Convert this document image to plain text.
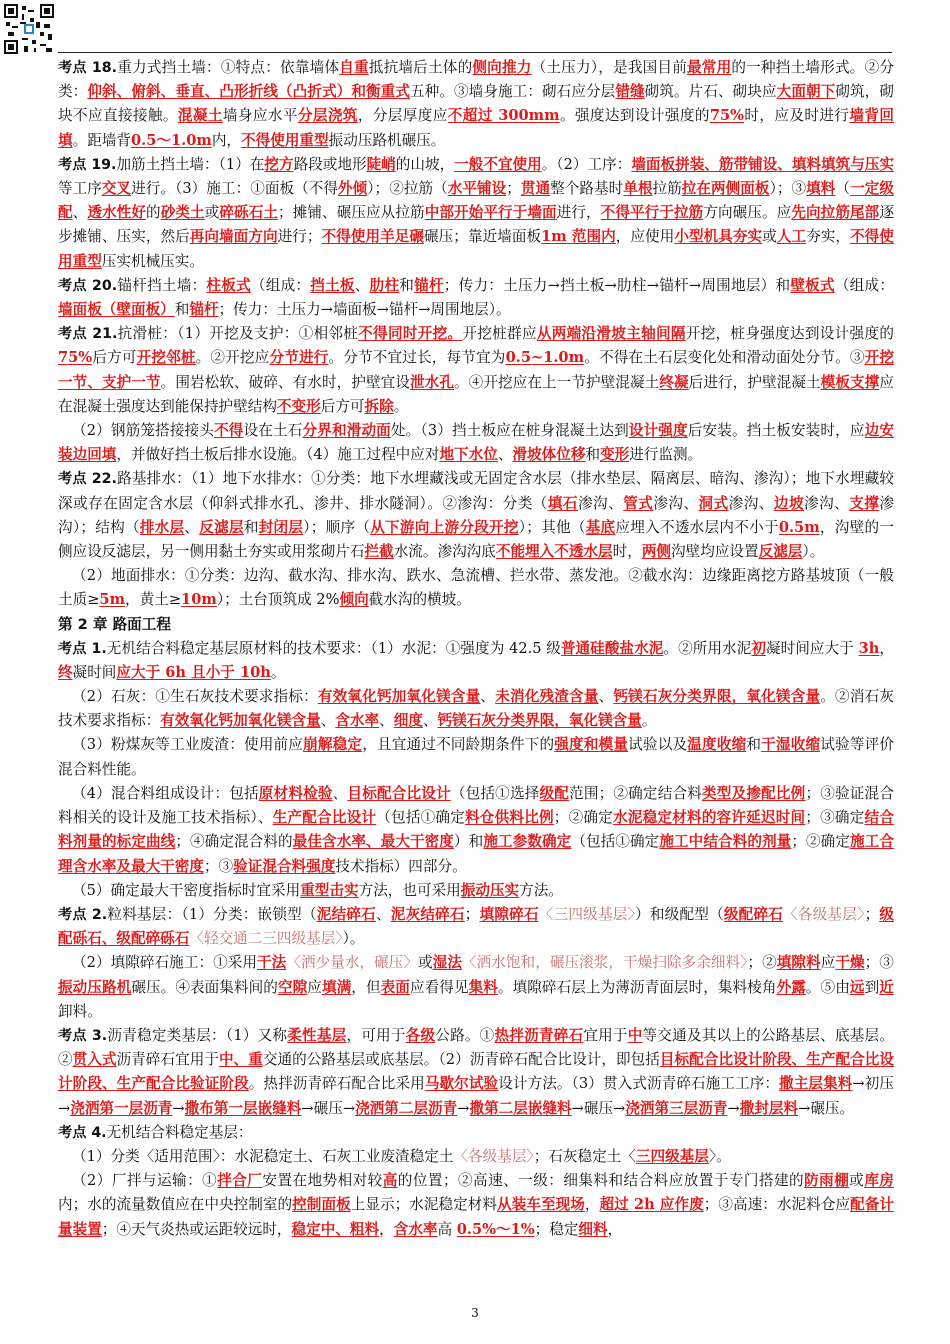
考点 18.重力式挡土墙：①特点：依靠墙体自重抵抗墙后土体的侧向推力（土压力），是我国目前最常用的一种挡土墙形式。②分类：仰斜、俯斜、垂直、凸形折线（凸折式）和衡重式五种。③墙身施工：砌石应分层错缝砌筑。片石、砌块应大面朝下砌筑，砌块不应直接接触。混凝土墙身应水平分层浇筑，分层厚度应不超过 300mm。强度达到设计强度的75%时，应及时进行墙背回填。距墙背0.5～1.0m内，不得使用重型振动压路机碾压。
考点 19.加筋土挡土墙：（1）在挖方路段或地形陡峭的山坡，一般不宜使用。（2）工序：墙面板拼装、筋带铺设、填料填筑与压实等工序交叉进行。（3）施工：①面板（不得外倾）；②拉筋（水平铺设；贯通整个路基时单根拉筋拉在两侧面板）；③填料（一定级配、透水性好的砂类土或碎砾石土；摊铺、碾压应从拉筋中部开始平行于墙面进行，不得平行于拉筋方向碾压。应先向拉筋尾部逐步摊铺、压实，然后再向墙面方向进行；不得使用羊足碾碾压；靠近墙面板1m 范围内，应使用小型机具夯实或人工夯实，不得使用重型压实机械压实。
考点 20.锚杆挡土墙：柱板式（组成：挡土板、肋柱和锚杆；传力：土压力→挡土板→肋柱→锚杆→周围地层）和壁板式（组成：墙面板（壁面板）和锚杆；传力：土压力→墙面板→锚杆→周围地层）。
考点 21.抗滑桩：（1）开挖及支护：①相邻桩不得同时开挖。开挖桩群应从两端沿滑坡主轴间隔开挖，桩身强度达到设计强度的75%后方可开挖邻桩。②开挖应分节进行。分节不宜过长，每节宜为0.5~1.0m。不得在土石层变化处和滑动面处分节。③开挖一节、支护一节。围岩松软、破碎、有水时，护壁宜设泄水孔。④开挖应在上一节护壁混凝土终凝后进行，护壁混凝土模板支撑应在混凝土强度达到能保持护壁结构不变形后方可拆除。
（2）钢筋笼搭接接头不得设在土石分界和滑动面处。（3）挡土板应在桩身混凝土达到设计强度后安装。挡土板安装时，应边安装边回填，并做好挡土板后排水设施。（4）施工过程中应对地下水位、滑坡体位移和变形进行监测。
考点 22.路基排水：（1）地下水排水：①分类：地下水埋藏浅或无固定含水层（排水垫层、隔离层、暗沟、渗沟）；地下水埋藏较深或存在固定含水层（仰斜式排水孔、渗井、排水隧洞）。②渗沟：分类（填石渗沟、管式渗沟、洞式渗沟、边坡渗沟、支撑渗沟）；结构（排水层、反滤层和封闭层）；顺序（从下游向上游分段开挖）；其他（基底应埋入不透水层内不小于0.5m，沟壁的一侧应设反滤层，另一侧用黏土夯实或用浆砌片石拦截水流。渗沟沟底不能埋入不透水层时，两侧沟壁均应设置反滤层）。
（2）地面排水：①分类：边沟、截水沟、排水沟、跌水、急流槽、拦水带、蒸发池。②截水沟：边缘距离挖方路基坡顶（一般土质≥5m，黄土≥10m）；土台顶筑成 2%倾向截水沟的横坡。
第 2 章 路面工程
考点 1.无机结合料稳定基层原材料的技术要求：（1）水泥：①强度为 42.5 级普通硅酸盐水泥。②所用水泥初凝时间应大于 3h，终凝时间应大于 6h 且小于 10h。
（2）石灰：①生石灰技术要求指标：有效氧化钙加氧化镁含量、未消化残渣含量、钙镁石灰分类界限，氧化镁含量。②消石灰技术要求指标：有效氧化钙加氧化镁含量、含水率、细度、钙镁石灰分类界限，氧化镁含量。
（3）粉煤灰等工业废渣：使用前应崩解稳定，且宜通过不同龄期条件下的强度和模量试验以及温度收缩和干湿收缩试验等评价混合料性能。
（4）混合料组成设计：包括原材料检验、目标配合比设计（包括①选择级配范围；②确定结合料类型及掺配比例；③验证混合料相关的设计及施工技术指标）、生产配合比设计（包括①确定料仓供料比例；②确定水泥稳定材料的容许延迟时间；③确定结合料剂量的标定曲线；④确定混合料的最佳含水率、最大干密度）和施工参数确定（包括①确定施工中结合料的剂量；②确定施工合理含水率及最大干密度；③验证混合料强度技术指标）四部分。
（5）确定最大干密度指标时宜采用重型击实方法，也可采用振动压实方法。
考点 2.粒料基层：（1）分类：嵌锁型（泥结碎石、泥灰结碎石；填隙碎石〈三四级基层〉）和级配型（级配碎石〈各级基层〉；级配砾石、级配碎砾石〈轻交通二三四级基层〉）。
（2）填隙碎石施工：①采用干法〈洒少量水，碾压〉或湿法〈洒水饱和，碾压滚浆，干燥扫除多余细料〉；②填隙料应干燥；③振动压路机碾压。④表面集料间的空隙应填满，但表面应看得见集料。填隙碎石层上为薄沥青面层时，集料棱角外露。⑤由远到近卸料。
考点 3.沥青稳定类基层：（1）又称柔性基层，可用于各级公路。①热拌沥青碎石宜用于中等交通及其以上的公路基层、底基层。②贯入式沥青碎石宜用于中、重交通的公路基层或底基层。（2）沥青碎石配合比设计，即包括目标配合比设计阶段、生产配合比设计阶段、生产配合比验证阶段。热拌沥青碎石配合比采用马歇尔试验设计方法。（3）贯入式沥青碎石施工工序：撒主层集料→初压→浇洒第一层沥青→撒布第一层嵌缝料→碾压→浇洒第二层沥青→撒第二层嵌缝料→碾压→浇洒第三层沥青→撒封层料→碾压。
考点 4.无机结合料稳定基层：
（1）分类〈适用范围〉：水泥稳定土、石灰工业废渣稳定土〈各级基层〉；石灰稳定土〈三四级基层〉。
（2）厂拌与运输：①拌合厂安置在地势相对较高的位置；②高速、一级：细集料和结合料应放置于专门搭建的防雨棚或库房内；水的流量数值应在中央控制室的控制面板上显示；水泥稳定材料从装车至现场，超过 2h 应作废；③高速：水泥料仓应配备计量装置；④天气炎热或运距较远时，稳定中、粗料，含水率高 0.5%～1%；稳定细料，
3
